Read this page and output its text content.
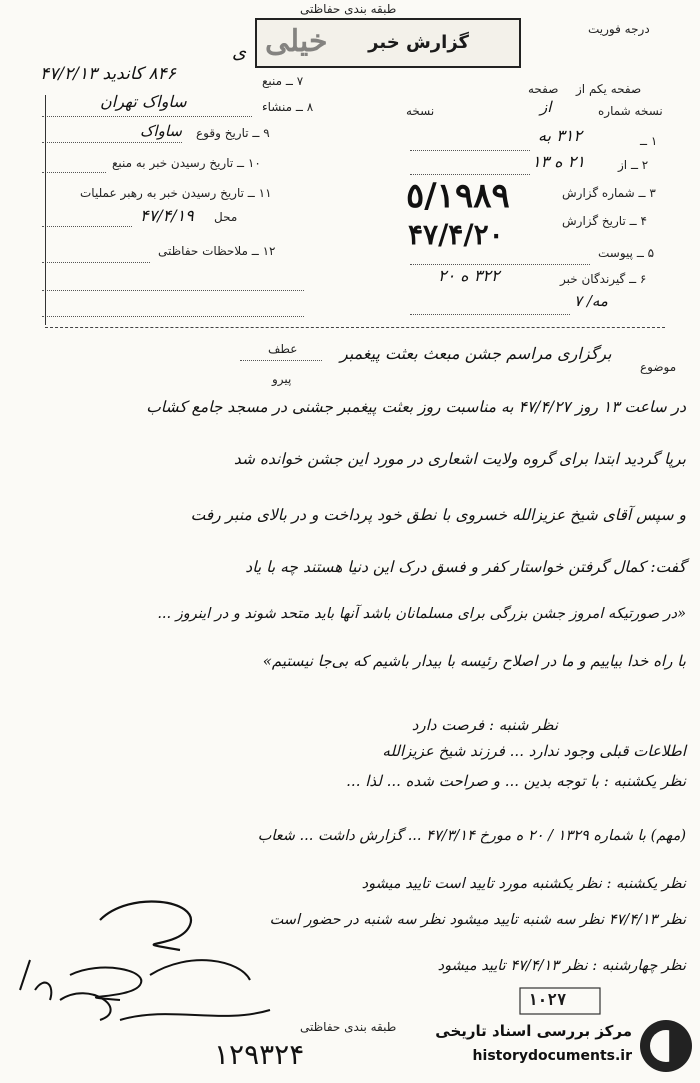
طبقه بندی حفاظتی
درجه فوریت
ی خیلی گزارش خبر
۷ ــ منبع
۸۴۶ کاندید ۴۷/۲/۱۳
۸ ــ منشاء
ساواک تهران
۹ ــ تاریخ وقوع
ساواک
۱۰ ــ تاریخ رسیدن خبر به منبع
۱۱ ــ تاریخ رسیدن خبر به رهبر عملیات
محل
۴۷/۴/۱۹
۱۲ ــ ملاحظات حفاظتی
صفحه یکم از
صفحه
نسخه شماره
از
نسخه
۱ ــ
۳۱۲ به
۲ ــ از
۲۱ ه ۱۳
۳ ــ شماره گزارش
٥/١٩٨٩
۴ ــ تاریخ گزارش
۴۷/۴/۲۰
۵ ــ پیوست
۶ ــ گیرندگان خبر
۳۲۲ ه ۲۰
مه/ ۷
موضوع
برگزاری مراسم جشن مبعث بعثت پیغمبر
عطف
پیرو
در ساعت ۱۳ روز ۴۷/۴/۲۷ به مناسبت روز بعثت پیغمبر جشنی در مسجد جامع کشاب
برپا گردید ابتدا برای گروه ولایت اشعاری در مورد این جشن خوانده شد
و سپس آقای شیخ عزیزالله خسروی با نطق خود پرداخت و در بالای منبر رفت
گفت: کمال گرفتن خواستار کفر و فسق درک این دنیا هستند چه با یاد
«در صورتیکه امروز جشن بزرگی برای مسلمانان باشد آنها باید متحد شوند و در اینروز ...
با راه خدا بیاییم و ما در اصلاح رئیسه با بیدار باشیم که بی‌جا نیستیم»
نظر شنبه : فرصت دارد
اطلاعات قبلی وجود ندارد ... فرزند شیخ عزیزالله
نظر یکشنبه : با توجه بدین ... و صراحت شده ... لذا ...
(مهم) با شماره ۱۳۲۹ / ۲۰ ه مورخ ۴۷/۳/۱۴ ... گزارش داشت ... شعاب
نظر یکشنبه : نظر یکشنبه مورد تایید است تایید میشود
نظر ۴۷/۴/۱۳ نظر سه شنبه تایید میشود نظر سه شنبه در حضور است
نظر چهارشنبه : نظر ۴۷/۴/۱۳ تایید میشود
۱۰۲۷
طبقه بندی حفاظتی
۱۲۹۳۲۴
مرکز بررسی اسناد تاریخی
historydocuments.ir
